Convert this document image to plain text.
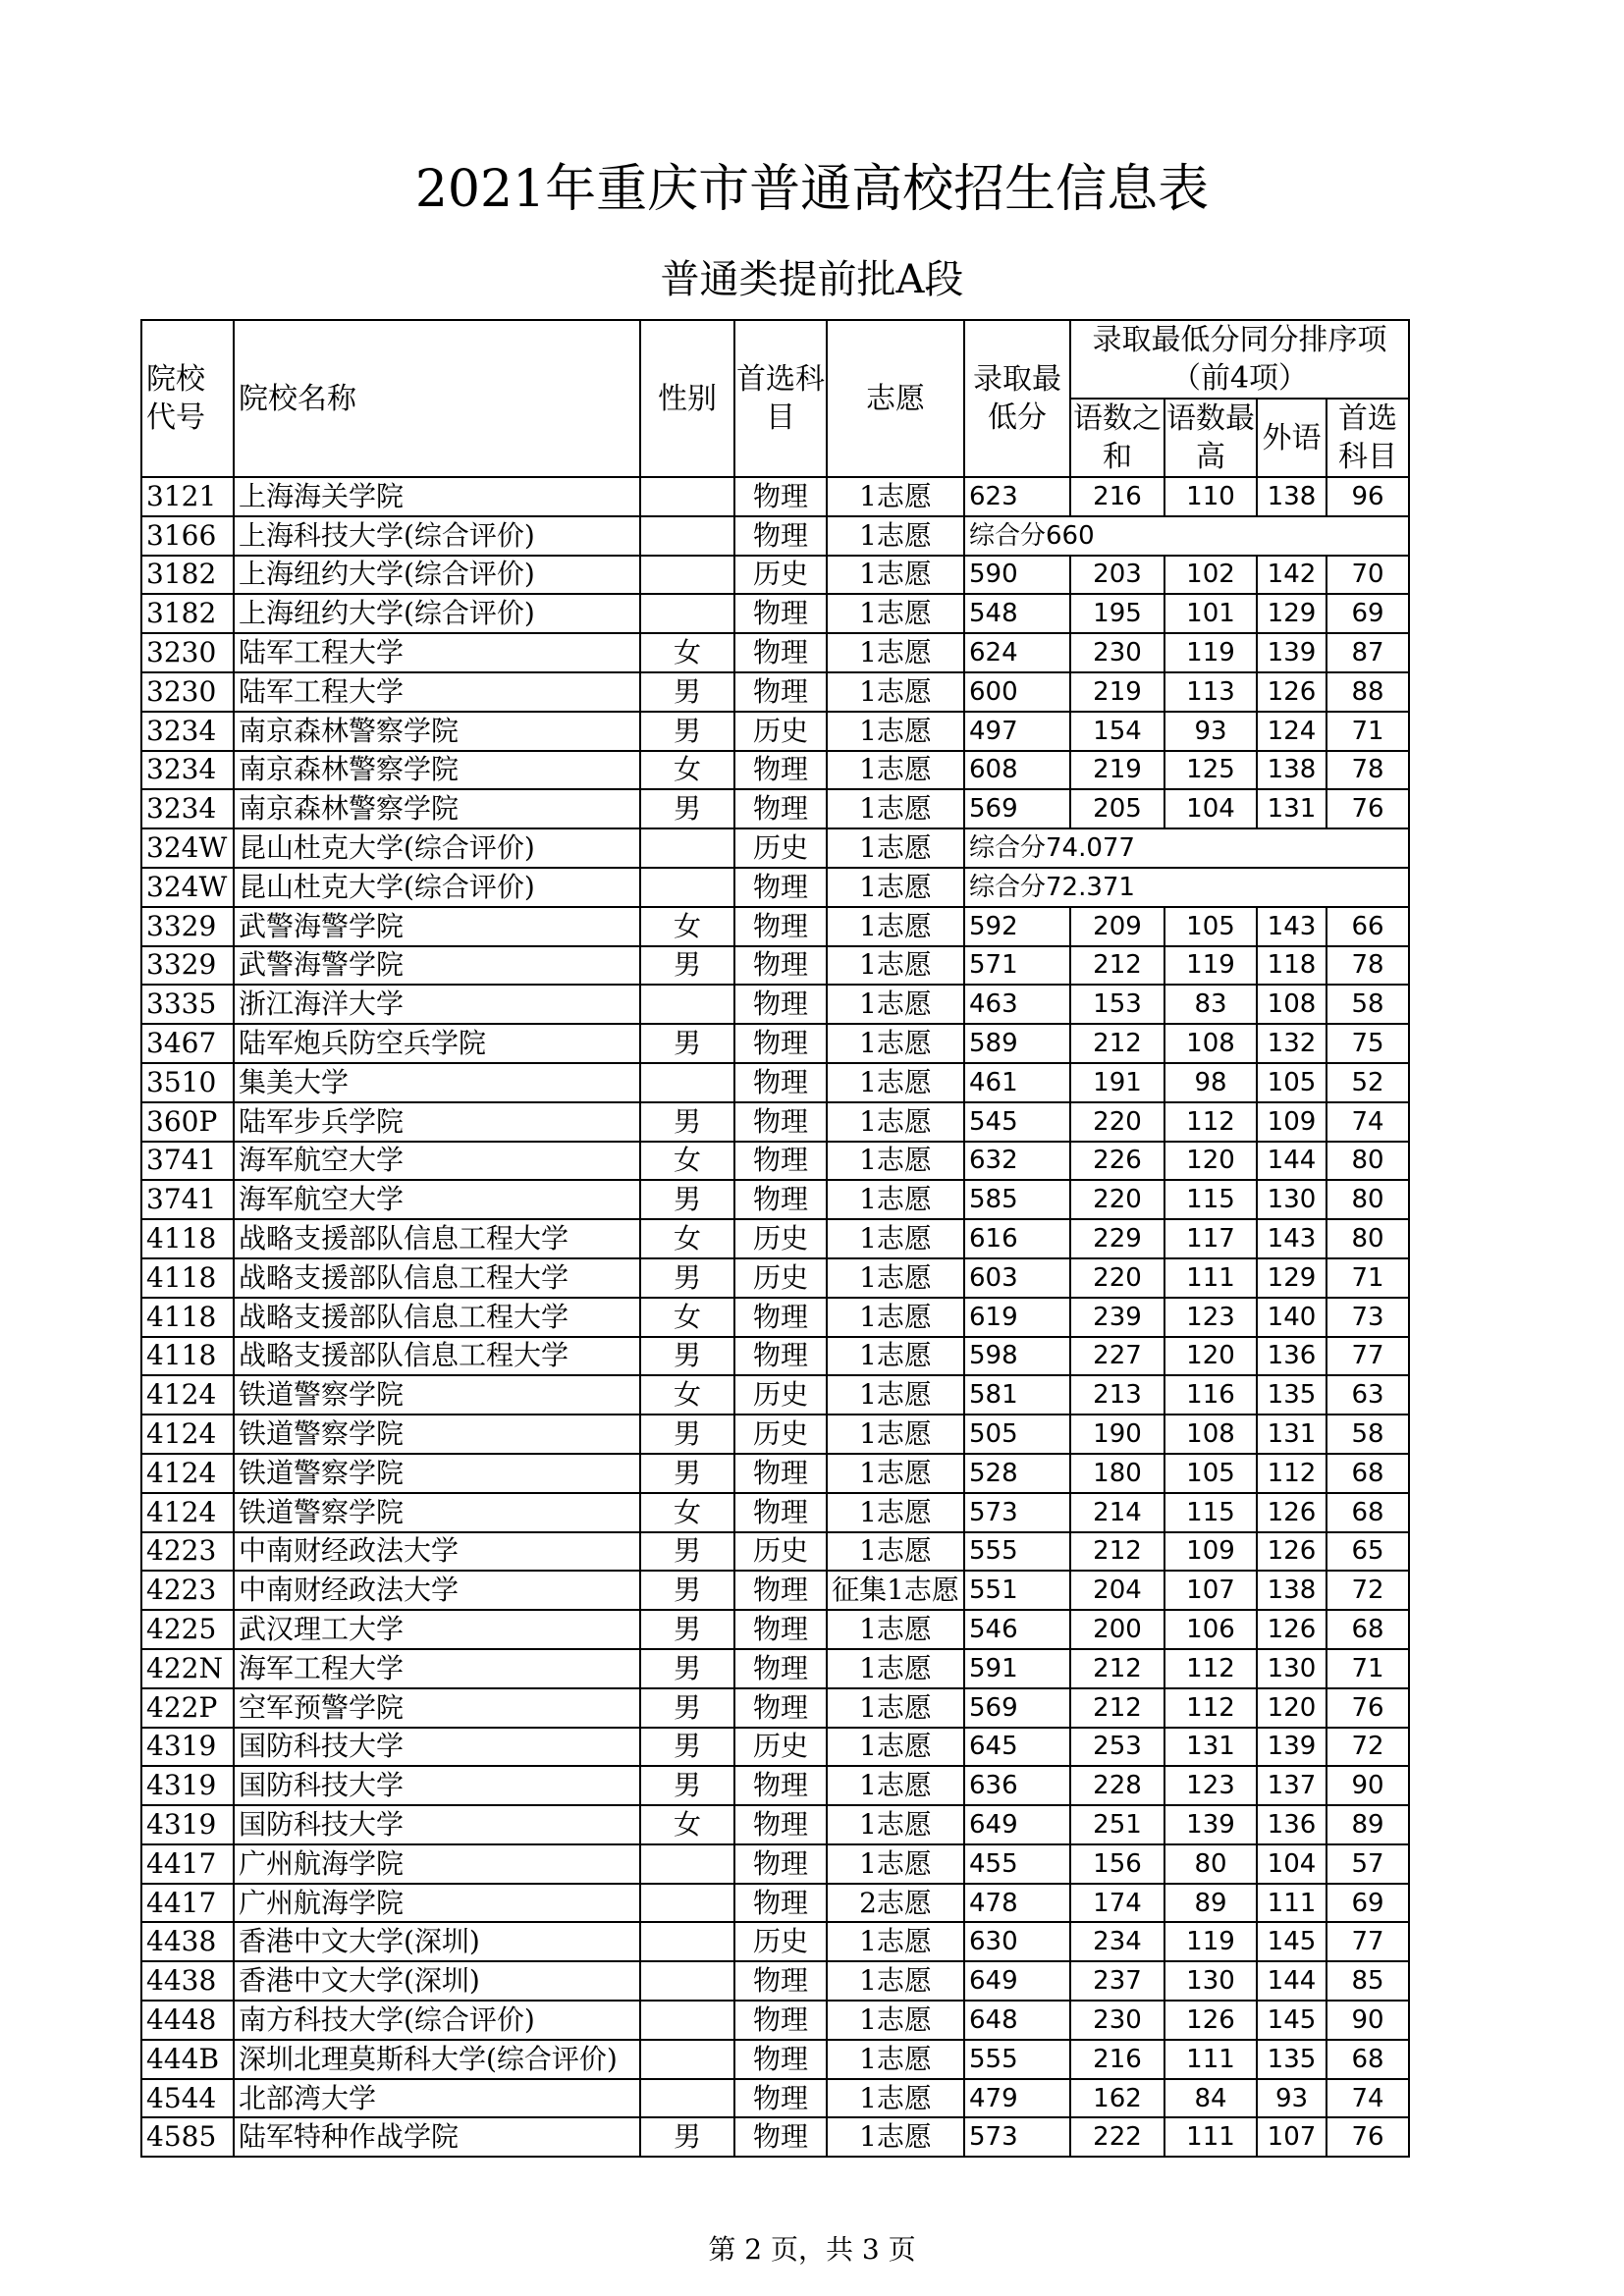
2021年重庆市普通高校招生信息表
普通类提前批A段
院校代号	院校名称	性别	首选科目	志愿	录取最低分	录取最低分同分排序项（前4项）			
						语数之和	语数最高	外语	首选科目
3121	上海海关学院		物理	1志愿	623	216	110	138	96
3166	上海科技大学(综合评价)		物理	1志愿	综合分660				
3182	上海纽约大学(综合评价)		历史	1志愿	590	203	102	142	70
3182	上海纽约大学(综合评价)		物理	1志愿	548	195	101	129	69
3230	陆军工程大学	女	物理	1志愿	624	230	119	139	87
3230	陆军工程大学	男	物理	1志愿	600	219	113	126	88
3234	南京森林警察学院	男	历史	1志愿	497	154	93	124	71
3234	南京森林警察学院	女	物理	1志愿	608	219	125	138	78
3234	南京森林警察学院	男	物理	1志愿	569	205	104	131	76
324W	昆山杜克大学(综合评价)		历史	1志愿	综合分74.077				
324W	昆山杜克大学(综合评价)		物理	1志愿	综合分72.371				
3329	武警海警学院	女	物理	1志愿	592	209	105	143	66
3329	武警海警学院	男	物理	1志愿	571	212	119	118	78
3335	浙江海洋大学		物理	1志愿	463	153	83	108	58
3467	陆军炮兵防空兵学院	男	物理	1志愿	589	212	108	132	75
3510	集美大学		物理	1志愿	461	191	98	105	52
360P	陆军步兵学院	男	物理	1志愿	545	220	112	109	74
3741	海军航空大学	女	物理	1志愿	632	226	120	144	80
3741	海军航空大学	男	物理	1志愿	585	220	115	130	80
4118	战略支援部队信息工程大学	女	历史	1志愿	616	229	117	143	80
4118	战略支援部队信息工程大学	男	历史	1志愿	603	220	111	129	71
4118	战略支援部队信息工程大学	女	物理	1志愿	619	239	123	140	73
4118	战略支援部队信息工程大学	男	物理	1志愿	598	227	120	136	77
4124	铁道警察学院	女	历史	1志愿	581	213	116	135	63
4124	铁道警察学院	男	历史	1志愿	505	190	108	131	58
4124	铁道警察学院	男	物理	1志愿	528	180	105	112	68
4124	铁道警察学院	女	物理	1志愿	573	214	115	126	68
4223	中南财经政法大学	男	历史	1志愿	555	212	109	126	65
4223	中南财经政法大学	男	物理	征集1志愿	551	204	107	138	72
4225	武汉理工大学	男	物理	1志愿	546	200	106	126	68
422N	海军工程大学	男	物理	1志愿	591	212	112	130	71
422P	空军预警学院	男	物理	1志愿	569	212	112	120	76
4319	国防科技大学	男	历史	1志愿	645	253	131	139	72
4319	国防科技大学	男	物理	1志愿	636	228	123	137	90
4319	国防科技大学	女	物理	1志愿	649	251	139	136	89
4417	广州航海学院		物理	1志愿	455	156	80	104	57
4417	广州航海学院		物理	2志愿	478	174	89	111	69
4438	香港中文大学(深圳)		历史	1志愿	630	234	119	145	77
4438	香港中文大学(深圳)		物理	1志愿	649	237	130	144	85
4448	南方科技大学(综合评价)		物理	1志愿	648	230	126	145	90
444B	深圳北理莫斯科大学(综合评价)		物理	1志愿	555	216	111	135	68
4544	北部湾大学		物理	1志愿	479	162	84	93	74
4585	陆军特种作战学院	男	物理	1志愿	573	222	111	107	76
第 2 页，共 3 页
